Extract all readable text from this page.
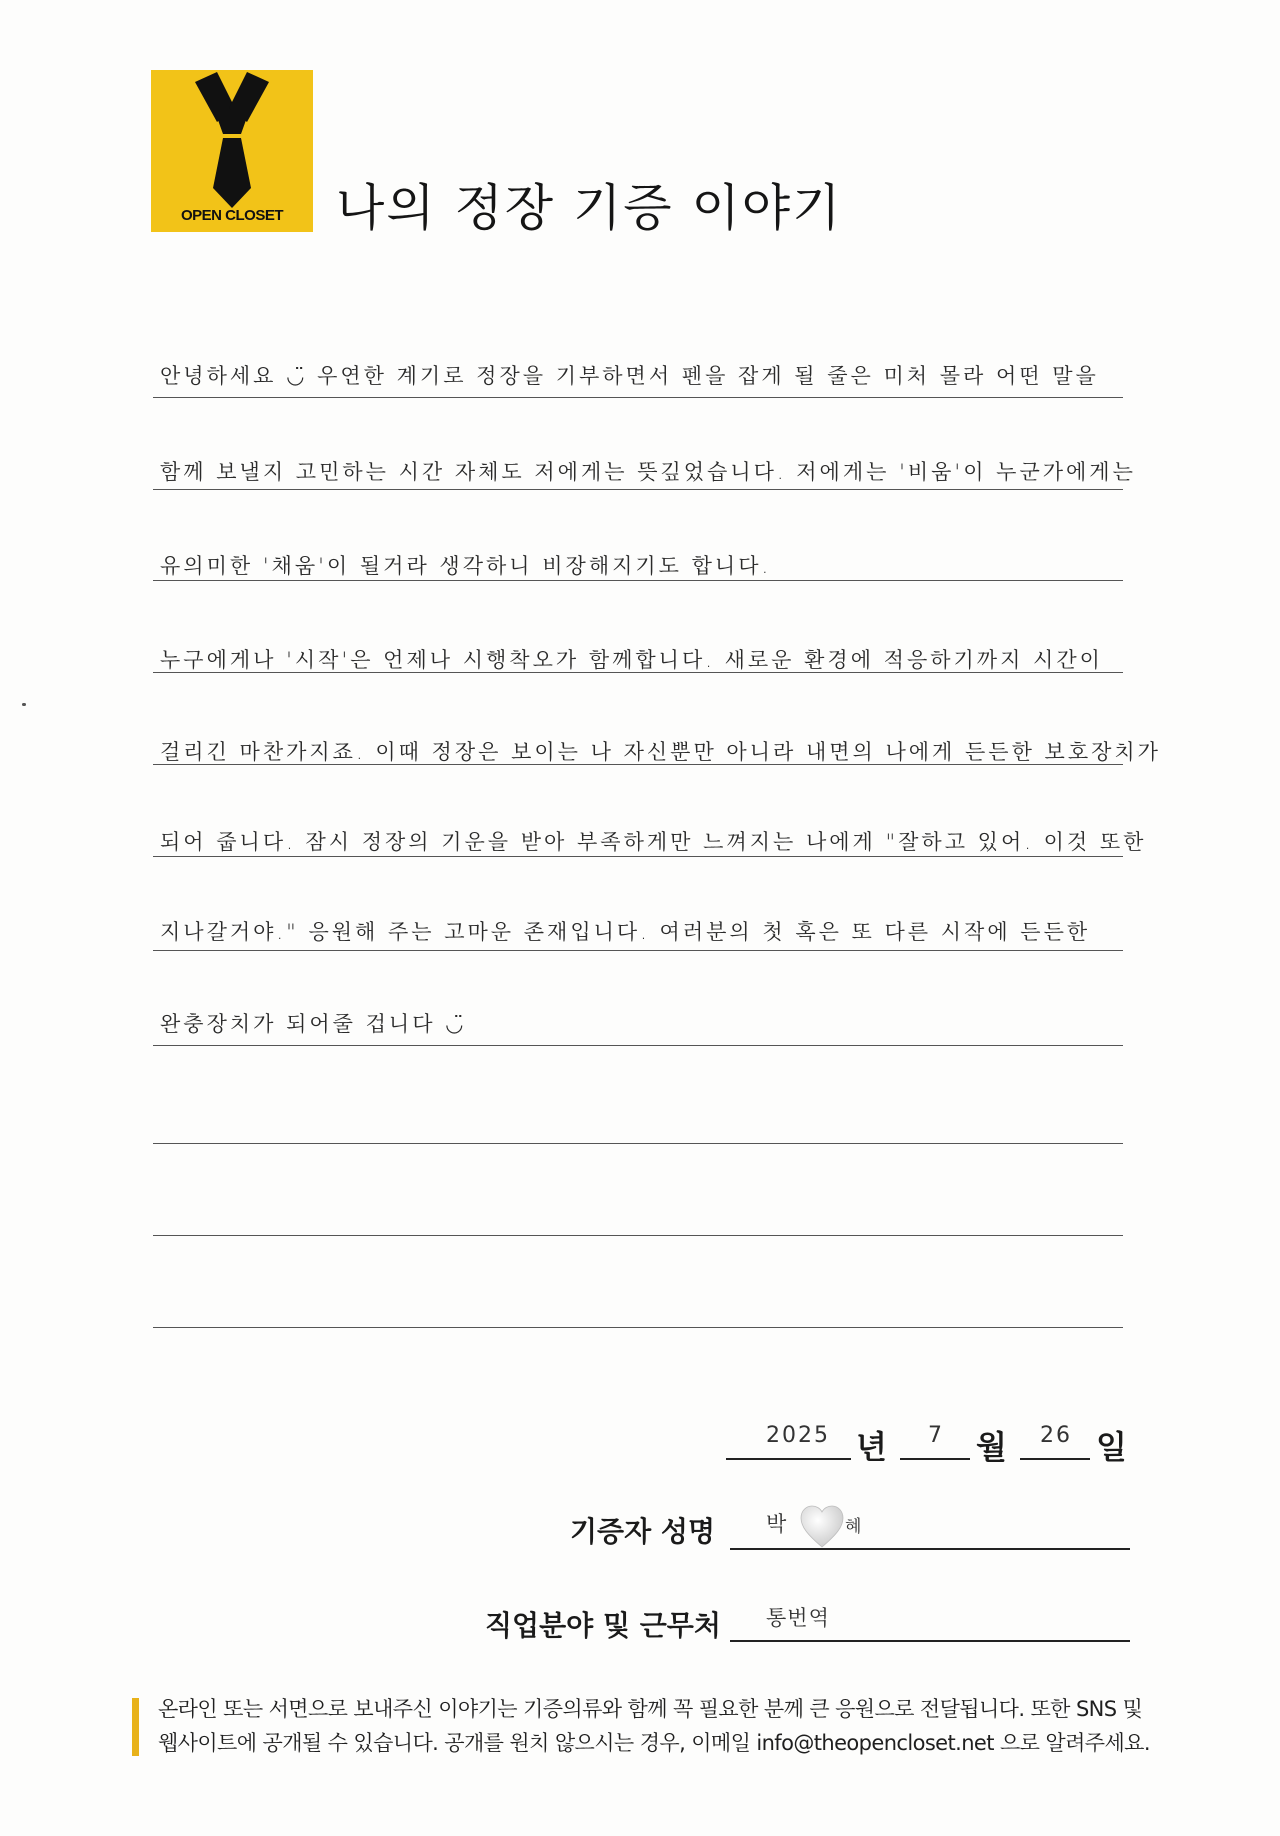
OPEN CLOSET	나의 정장 기증 이야기
안녕하세요 ◡̈ 우연한 계기로 정장을 기부하면서 펜을 잡게 될 줄은 미처 몰라 어떤 말을
함께 보낼지 고민하는 시간 자체도 저에게는 뜻깊었습니다. 저에게는 '비움'이 누군가에게는
유의미한 '채움'이 될거라 생각하니 비장해지기도 합니다.
누구에게나 '시작'은 언제나 시행착오가 함께합니다. 새로운 환경에 적응하기까지 시간이
걸리긴 마찬가지죠. 이때 정장은 보이는 나 자신뿐만 아니라 내면의 나에게 든든한 보호장치가
되어 줍니다. 잠시 정장의 기운을 받아 부족하게만 느껴지는 나에게 "잘하고 있어. 이것 또한
지나갈거야." 응원해 주는 고마운 존재입니다. 여러분의 첫 혹은 또 다른 시작에 든든한
완충장치가 되어줄 겁니다 ◡̈
2025 년 7 월 26 일
기증자 성명 박	혜
직업분야 및 근무처 통번역
온라인 또는 서면으로 보내주신 이야기는 기증의류와 함께 꼭 필요한 분께 큰 응원으로 전달됩니다. 또한 SNS 및
웹사이트에 공개될 수 있습니다. 공개를 원치 않으시는 경우, 이메일 info@theopencloset.net 으로 알려주세요.
